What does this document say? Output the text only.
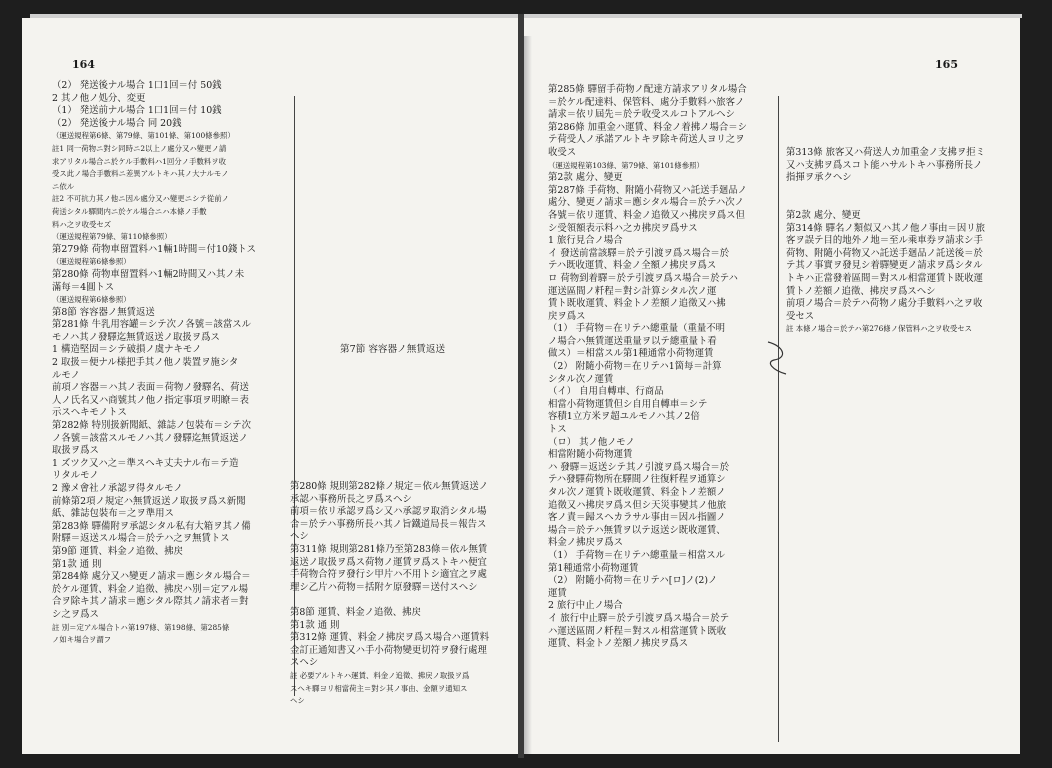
164
（2） 発送後ナル場合 1口1回＝付 50銭
2 其ノ他ノ処分、変更
（1） 発送前ナル場合 1口1回＝付 10銭
（2） 発送後ナル場合 同 20銭
（運送規程第6條、第79條、第101條、第100條參照）
註1 同一荷物ニ對シ同時ニ2以上ノ處分又ハ變更ノ請
求アリタル場合ニ於ケル手數料ハ1回分ノ手數料ヲ收
受ス此ノ場合手數料ニ差異アルトキハ其ノ大ナルモノ
ニ依ル
註2 不可抗力其ノ他ニ因ル處分又ハ變更ニシテ從前ノ
荷送シタル驛間内ニ於ケル場合ニハ本條ノ手數
料ハ之ヲ收受セズ
（運送規程第79條、第110條參照）
第279條 荷物車留置料ハ1輛1時間＝付10錢トス
（運送規程第6條參照）
第280條 荷物車留置料ハ1輛2時間又ハ其ノ未
滿每＝4圓トス
（運送規程第6條參照）
第8節 容容器ノ無賃返送
第281條 牛乳用容罐＝シテ次ノ各號＝該當スル
モノハ其ノ發驛迄無賃返送ノ取扱ヲ爲ス
1 構造堅固＝シテ破損ノ虞ナキモノ
2 取扱＝便ナル様把手其ノ他ノ裝置ヲ施シタ
ルモノ
前項ノ容器＝ハ其ノ表面＝荷物ノ發驛名、荷送
人ノ氏名又ハ商號其ノ他ノ指定事項ヲ明瞭＝表
示スヘキモノトス
第282條 特別扱新聞紙、雜誌ノ包裝布＝シテ次
ノ各號＝該當スルモノハ其ノ發驛迄無賃返送ノ
取扱ヲ爲ス
1 ズツク又ハ之＝準スヘキ丈夫ナル布＝テ造
リタルモノ
2 豫メ會社ノ承認ヲ得タルモノ
前條第2項ノ規定ハ無賃返送ノ取扱ヲ爲ス新聞
紙、雜誌包裝布＝之ヲ準用ス
第283條 驛備附ヲ承認シタル私有大箱ヲ其ノ備
附驛＝返送スル場合＝於テハ之ヲ無賃トス
第9節 運賃、料金ノ追徵、拂戻
第1款 通 則
第284條 處分又ハ變更ノ請求＝應シタル場合＝
於ケル運賃、料金ノ追徵、拂戻ハ別＝定アル場
合ヲ除キ其ノ請求＝應シタル際其ノ請求者＝對
シ之ヲ爲ス
註 別＝定アル場合トハ第197條、第198條、第285條
ノ如キ場合ヲ謂フ
第7節 容容器ノ無賃返送
第280條 規則第282條ノ規定＝依ル無賃返送ノ
承認ハ事務所長之ヲ爲スヘシ
前項＝依リ承認ヲ爲シ又ハ承認ヲ取消シタル場
合＝於テハ事務所長ハ其ノ旨鐵道局長＝報告ス
ヘシ
第311條 規則第281條乃至第283條＝依ル無賃
返送ノ取扱ヲ爲ス荷物ノ運賃ヲ爲ストキハ便宜
手荷物合符ヲ發行シ甲片ハ不用トシ適宜之ヲ處
理シ乙片ハ荷物＝括附ケ原發驛＝送付スヘシ

第8節 運賃、料金ノ追徵、拂戻
第1款 通 則
第312條 運賃、料金ノ拂戻ヲ爲ス場合ハ運賃料
金訂正通知書又ハ手小荷物變更切符ヲ發行處理
スヘシ
註 必要アルトキハ運賃、料金ノ追徵、拂戻ノ取扱ヲ爲
スヘキ驛ヨリ相當荷主＝對シ其ノ事由、金額ヲ通知ス
ヘシ
165
第285條 驛留手荷物ノ配達方請求アリタル場合
＝於ケル配達料、保管料、處分手數料ハ旅客ノ
請求＝依リ屆先＝於テ收受スルコトアルヘシ
第286條 加重金ハ運賃、料金ノ着拂ノ場合＝シ
テ荷受人ノ承諾アルトキヲ除キ荷送人ヨリ之ヲ
收受ス
（運送規程第103條、第79條、第101條參照）
第2款 處分、變更
第287條 手荷物、附隨小荷物又ハ託送手廻品ノ
處分、變更ノ請求＝應シタル場合＝於テハ次ノ
各號＝依リ運賃、料金ノ追徵又ハ拂戻ヲ爲ス但
シ受領額表示料ハ之カ拂戻ヲ爲サス
1 旅行見合ノ場合
イ 發送前當該驛＝於テ引渡ヲ爲ス場合＝於
テハ既收運賃、料金ノ全額ノ拂戻ヲ爲ス
ロ 荷物到着驛＝於テ引渡ヲ爲ス場合＝於テハ
運送區間ノ粁程＝對シ計算シタル次ノ運
賃ト既收運賃、料金トノ差額ノ追徵又ハ拂
戻ヲ爲ス
（1） 手荷物＝在リテハ總重量（重量不明
ノ場合ハ無賃運送重量ヲ以テ總重量ト看
做ス）＝相當スル第1種通常小荷物運賃
（2） 附隨小荷物＝在リテハ1箇每＝計算
シタル次ノ運賃
（イ） 自用自轉車、行商品
相當小荷物運賃但シ自用自轉車＝シテ
容積1立方米ヲ超ユルモノハ其ノ2倍
トス
（ロ） 其ノ他ノモノ
相當附隨小荷物運賃
ハ 發驛＝返送シテ其ノ引渡ヲ爲ス場合＝於
テハ發驛荷物所在驛間ノ往復粁程ヲ通算シ
タル次ノ運賃ト既收運賃、料金トノ差額ノ
追徵又ハ拂戻ヲ爲ス但シ天災事變其ノ他旅
客ノ責＝歸スヘカラサル事由＝因ル指圖ノ
場合＝於テハ無賃ヲ以テ返送シ既收運賃、
料金ノ拂戻ヲ爲ス
（1） 手荷物＝在リテハ總重量＝相當スル
第1種通常小荷物運賃
（2） 附隨小荷物＝在リテハ[ロ]ノ(2)ノ
運賃
2 旅行中止ノ場合
イ 旅行中止驛＝於テ引渡ヲ爲ス場合＝於テ
ハ運送區間ノ粁程＝對スル相當運賃ト既收
運賃、料金トノ差額ノ拂戻ヲ爲ス

第313條 旅客又ハ荷送人カ加重金ノ支拂ヲ拒ミ
又ハ支拂ヲ爲スコト能ハサルトキハ事務所長ノ
指揮ヲ承クヘシ

第2款 處分、變更
第314條 驛名ノ類似又ハ其ノ他ノ事由＝因リ旅
客ヲ誤テ目的地外ノ地＝至ル乘車券ヲ請求シ手
荷物、附隨小荷物又ハ託送手廻品ノ託送後＝於
テ其ノ事實ヲ發見シ着驛變更ノ請求ヲ爲シタル
トキハ正當發着區間＝對スル相當運賃ト既收運
賃トノ差額ノ追徵、拂戻ヲ爲スヘシ
前項ノ場合＝於テハ荷物ノ處分手數料ハ之ヲ收
受セス
註 本條ノ場合＝於テハ第276條ノ保管料ハ之ヲ收受セス
